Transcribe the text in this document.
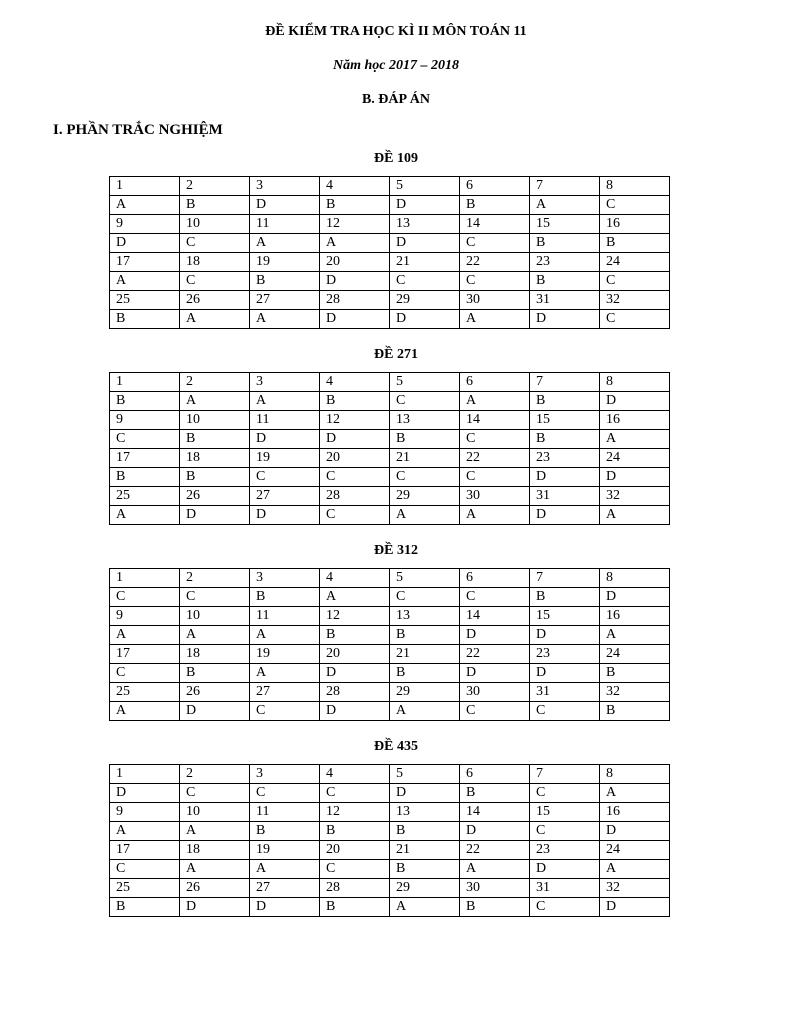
ĐỀ KIỂM TRA HỌC KÌ II MÔN TOÁN 11

Năm học 2017 – 2018

B. ĐÁP ÁN
I. PHẦN TRẮC NGHIỆM
ĐỀ 109
1	2	3	4	5	6	7	8
A	B	D	B	D	B	A	C
9	10	11	12	13	14	15	16
D	C	A	A	D	C	B	B
17	18	19	20	21	22	23	24
A	C	B	D	C	C	B	C
25	26	27	28	29	30	31	32
B	A	A	D	D	A	D	C
ĐỀ 271
1	2	3	4	5	6	7	8
B	A	A	B	C	A	B	D
9	10	11	12	13	14	15	16
C	B	D	D	B	C	B	A
17	18	19	20	21	22	23	24
B	B	C	C	C	C	D	D
25	26	27	28	29	30	31	32
A	D	D	C	A	A	D	A
ĐỀ 312
1	2	3	4	5	6	7	8
C	C	B	A	C	C	B	D
9	10	11	12	13	14	15	16
A	A	A	B	B	D	D	A
17	18	19	20	21	22	23	24
C	B	A	D	B	D	D	B
25	26	27	28	29	30	31	32
A	D	C	D	A	C	C	B
ĐỀ 435
1	2	3	4	5	6	7	8
D	C	C	C	D	B	C	A
9	10	11	12	13	14	15	16
A	A	B	B	B	D	C	D
17	18	19	20	21	22	23	24
C	A	A	C	B	A	D	A
25	26	27	28	29	30	31	32
B	D	D	B	A	B	C	D
